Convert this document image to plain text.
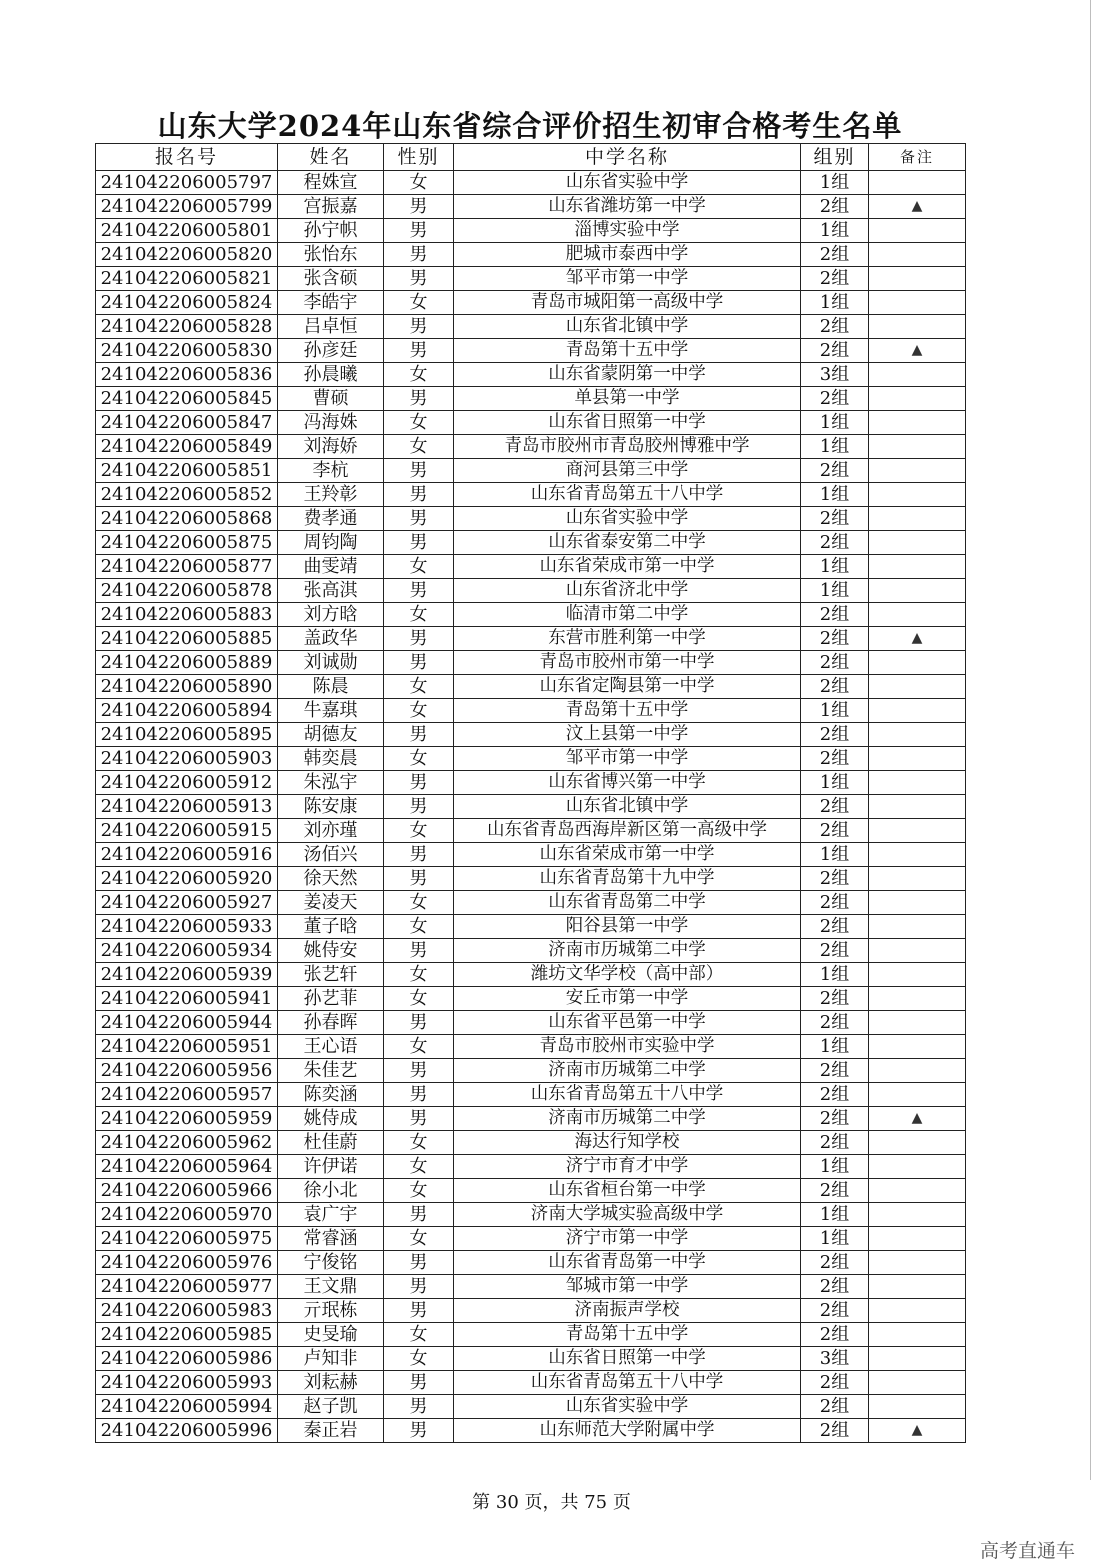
山东大学2024年山东省综合评价招生初审合格考生名单
报名号	姓名	性别	中学名称	组别	备注
241042206005797	程姝宣	女	山东省实验中学	1组	
241042206005799	宫振嘉	男	山东省潍坊第一中学	2组	▲
241042206005801	孙宁帜	男	淄博实验中学	1组	
241042206005820	张怡东	男	肥城市泰西中学	2组	
241042206005821	张含硕	男	邹平市第一中学	2组	
241042206005824	李皓宇	女	青岛市城阳第一高级中学	1组	
241042206005828	吕卓恒	男	山东省北镇中学	2组	
241042206005830	孙彦廷	男	青岛第十五中学	2组	▲
241042206005836	孙晨曦	女	山东省蒙阴第一中学	3组	
241042206005845	曹硕	男	单县第一中学	2组	
241042206005847	冯海姝	女	山东省日照第一中学	1组	
241042206005849	刘海娇	女	青岛市胶州市青岛胶州博雅中学	1组	
241042206005851	李杭	男	商河县第三中学	2组	
241042206005852	王羚彰	男	山东省青岛第五十八中学	1组	
241042206005868	费孝通	男	山东省实验中学	2组	
241042206005875	周钧陶	男	山东省泰安第二中学	2组	
241042206005877	曲雯靖	女	山东省荣成市第一中学	1组	
241042206005878	张高淇	男	山东省济北中学	1组	
241042206005883	刘方晗	女	临清市第二中学	2组	
241042206005885	盖政华	男	东营市胜利第一中学	2组	▲
241042206005889	刘诚勋	男	青岛市胶州市第一中学	2组	
241042206005890	陈晨	女	山东省定陶县第一中学	2组	
241042206005894	牛嘉琪	女	青岛第十五中学	1组	
241042206005895	胡德友	男	汶上县第一中学	2组	
241042206005903	韩奕晨	女	邹平市第一中学	2组	
241042206005912	朱泓宇	男	山东省博兴第一中学	1组	
241042206005913	陈安康	男	山东省北镇中学	2组	
241042206005915	刘亦瑾	女	山东省青岛西海岸新区第一高级中学	2组	
241042206005916	汤佰兴	男	山东省荣成市第一中学	1组	
241042206005920	徐天然	男	山东省青岛第十九中学	2组	
241042206005927	姜凌天	女	山东省青岛第二中学	2组	
241042206005933	董子晗	女	阳谷县第一中学	2组	
241042206005934	姚侍安	男	济南市历城第二中学	2组	
241042206005939	张艺轩	女	潍坊文华学校（高中部）	1组	
241042206005941	孙艺菲	女	安丘市第一中学	2组	
241042206005944	孙春晖	男	山东省平邑第一中学	2组	
241042206005951	王心语	女	青岛市胶州市实验中学	1组	
241042206005956	朱佳艺	男	济南市历城第二中学	2组	
241042206005957	陈奕涵	男	山东省青岛第五十八中学	2组	
241042206005959	姚侍成	男	济南市历城第二中学	2组	▲
241042206005962	杜佳蔚	女	海达行知学校	2组	
241042206005964	许伊诺	女	济宁市育才中学	1组	
241042206005966	徐小北	女	山东省桓台第一中学	2组	
241042206005970	袁广宇	男	济南大学城实验高级中学	1组	
241042206005975	常睿涵	女	济宁市第一中学	1组	
241042206005976	宁俊铭	男	山东省青岛第一中学	2组	
241042206005977	王文鼎	男	邹城市第一中学	2组	
241042206005983	亓珉栋	男	济南振声学校	2组	
241042206005985	史旻瑜	女	青岛第十五中学	2组	
241042206005986	卢知非	女	山东省日照第一中学	3组	
241042206005993	刘耘赫	男	山东省青岛第五十八中学	2组	
241042206005994	赵子凯	男	山东省实验中学	2组	
241042206005996	秦正岩	男	山东师范大学附属中学	2组	▲
第 30 页，共 75 页
高考直通车
